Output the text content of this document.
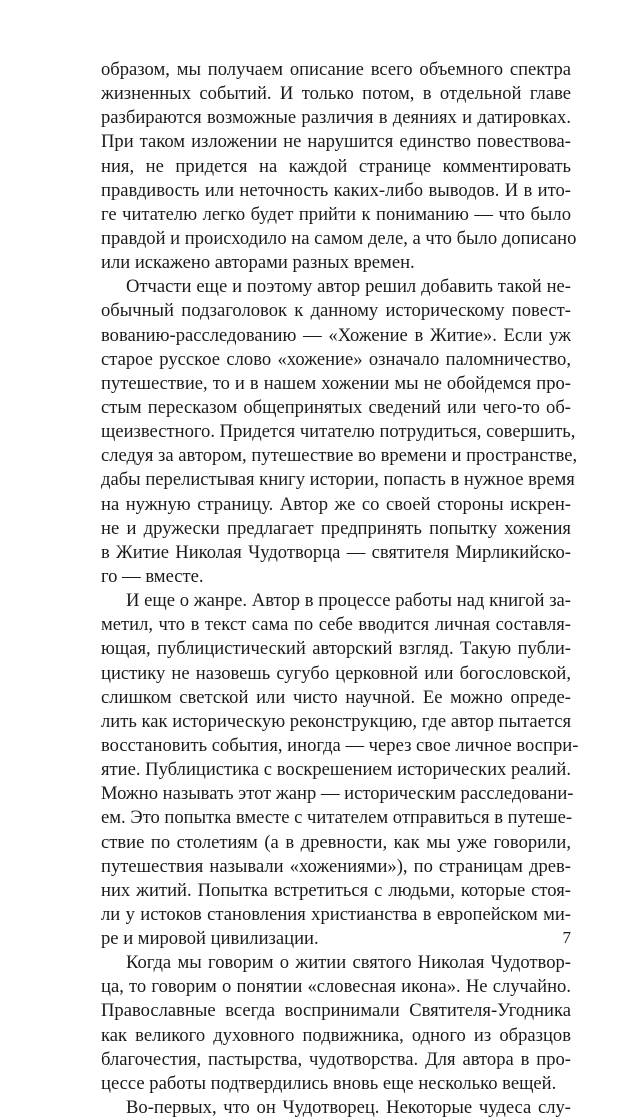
образом, мы получаем описание всего объемного спектра
жизненных событий. И только потом, в отдельной главе
разбираются возможные различия в деяниях и датировках.
При таком изложении не нарушится единство повествова-
ния, не придется на каждой странице комментировать
правдивость или неточность каких-либо выводов. И в ито-
ге читателю легко будет прийти к пониманию — что было
правдой и происходило на самом деле, а что было дописано
или искажено авторами разных времен.
Отчасти еще и поэтому автор решил добавить такой не-
обычный подзаголовок к данному историческому повест-
вованию-расследованию — «Хожение в Житие». Если уж
старое русское слово «хожение» означало паломничество,
путешествие, то и в нашем хожении мы не обойдемся про-
стым пересказом общепринятых сведений или чего-то об-
щеизвестного. Придется читателю потрудиться, совершить,
следуя за автором, путешествие во времени и пространстве,
дабы перелистывая книгу истории, попасть в нужное время
на нужную страницу. Автор же со своей стороны искрен-
не и дружески предлагает предпринять попытку хожения
в Житие Николая Чудотворца — святителя Мирликийско-
го — вместе.
И еще о жанре. Автор в процессе работы над книгой за-
метил, что в текст сама по себе вводится личная составля-
ющая, публицистический авторский взгляд. Такую публи-
цистику не назовешь сугубо церковной или богословской,
слишком светской или чисто научной. Ее можно опреде-
лить как историческую реконструкцию, где автор пытается
восстановить события, иногда — через свое личное воспри-
ятие. Публицистика с воскрешением исторических реалий.
Можно называть этот жанр — историческим расследовани-
ем. Это попытка вместе с читателем отправиться в путеше-
ствие по столетиям (а в древности, как мы уже говорили,
путешествия называли «хожениями»), по страницам древ-
них житий. Попытка встретиться с людьми, которые стоя-
ли у истоков становления христианства в европейском ми-
ре и мировой цивилизации.
Когда мы говорим о житии святого Николая Чудотвор-
ца, то говорим о понятии «словесная икона». Не случайно.
Православные всегда воспринимали Святителя-Угодника
как великого духовного подвижника, одного из образцов
благочестия, пастырства, чудотворства. Для автора в про-
цессе работы подтвердились вновь еще несколько вещей.
Во-первых, что он Чудотворец. Некоторые чудеса слу-
7
